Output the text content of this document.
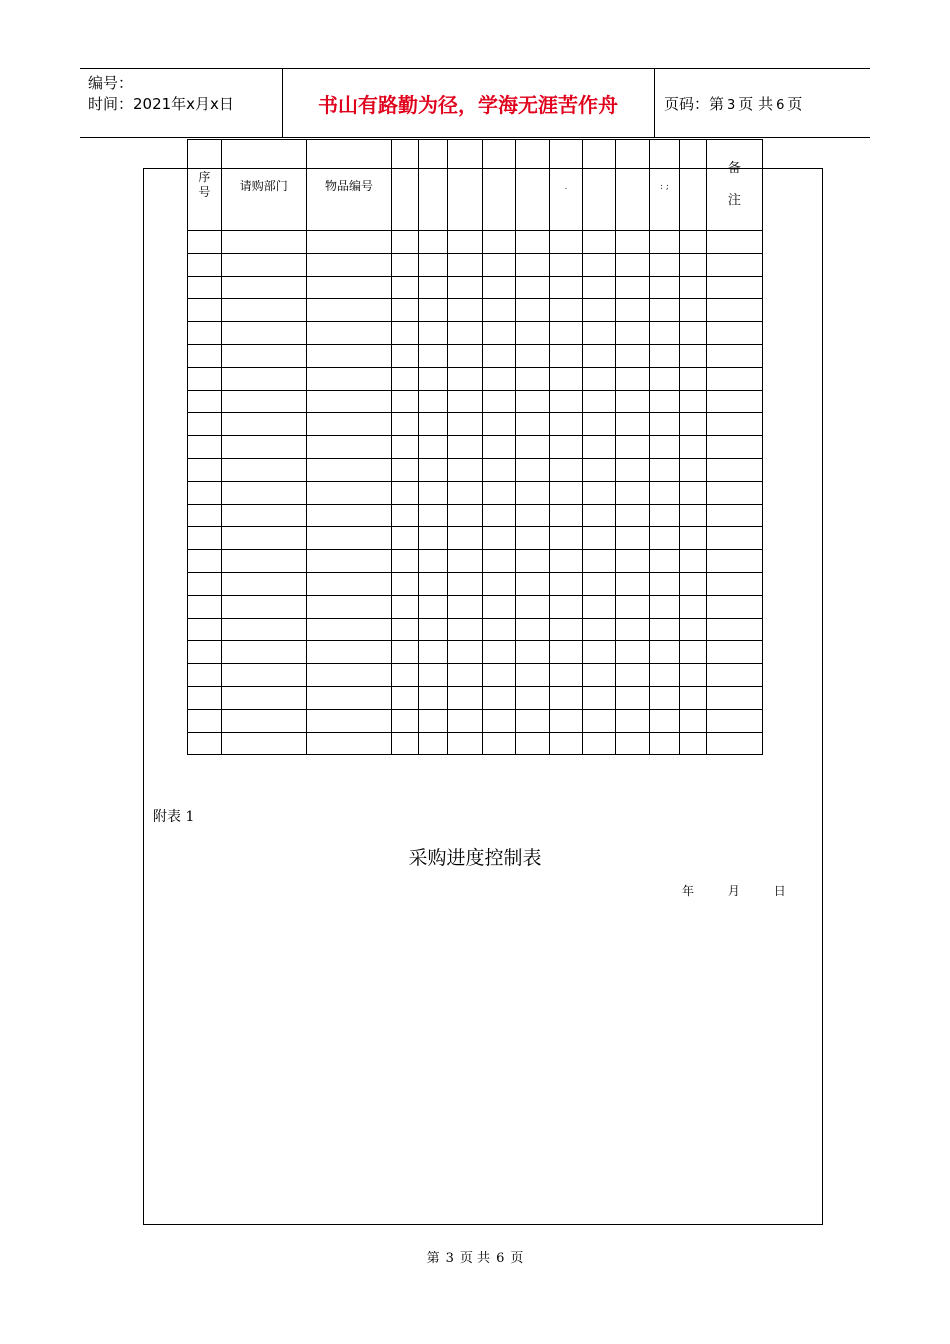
编号：
时间：2021年x月x日	书山有路勤为径，学海无涯苦作舟	页码：第 3 页 共 6 页
序号	请购部门	物品编号						.			: ;		备
注

附表 1
采购进度控制表
年	月	日
第 3 页 共 6 页
